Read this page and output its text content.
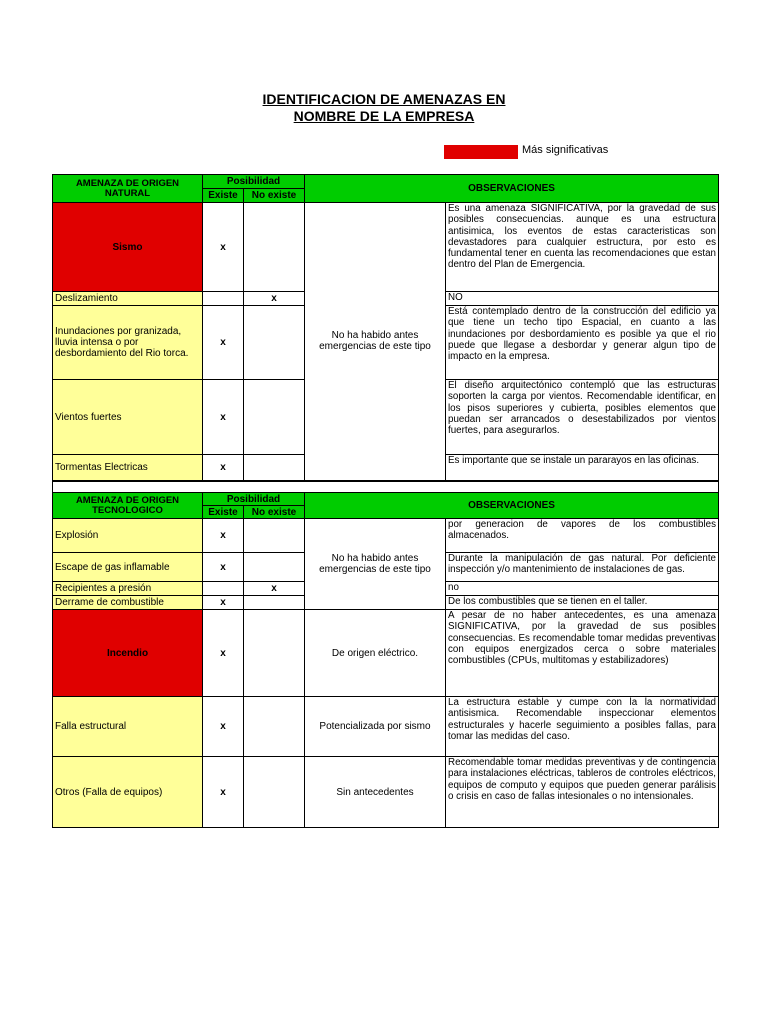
IDENTIFICACION DE AMENAZAS EN
NOMBRE DE LA EMPRESA
Más significativas
AMENAZA DE ORIGEN NATURAL	Posibilidad		OBSERVACIONES	
	Existe	No existe		
Sismo	x		No ha habido antes emergencias de este tipo	Es una amenaza SIGNIFICATIVA, por la gravedad de sus posibles consecuencias. aunque es una estructura antisimica, los eventos de estas caracteristicas son devastadores para cualquier estructura, por esto es fundamental tener en cuenta las recomendaciones que estan dentro del Plan de Emergencia.
Deslizamiento		x		NO
Inundaciones por granizada, lluvia intensa o por desbordamiento del Rio torca.	x			Está contemplado dentro de la construcción del edificio ya que tiene un techo tipo Espacial, en cuanto a las inundaciones por desbordamiento es posible ya que el rio puede que llegase a desbordar y generar algun tipo de impacto en la empresa.
Vientos fuertes	x			El diseño arquitectónico contempló que las estructuras soporten la carga por vientos. Recomendable identificar, en los pisos superiores y cubierta, posibles elementos que puedan ser arrancados o desestabilizados por vientos fuertes, para asegurarlos.
Tormentas Electricas	x			Es importante que se instale un pararayos en las oficinas.

AMENAZA DE ORIGEN TECNOLOGICO	Posibilidad		OBSERVACIONES	
	Existe	No existe		
Explosión	x		No ha habido antes emergencias de este tipo	por generacion de vapores de los combustibles almacenados.
Escape de gas inflamable	x			Durante la manipulación de gas natural. Por deficiente inspección y/o mantenimiento de instalaciones de gas.
Recipientes a presión		x		no
Derrame de combustible	x			De los combustibles que se tienen en el taller.
Incendio	x		De origen eléctrico.	A pesar de no haber antecedentes, es una amenaza SIGNIFICATIVA, por la gravedad de sus posibles consecuencias. Es recomendable tomar medidas preventivas con equipos energizados cerca o sobre materiales combustibles (CPUs, multitomas y estabilizadores)
Falla estructural	x		Potencializada por sismo	La estructura estable y cumpe con la la normatividad antisismica. Recomendable inspeccionar elementos estructurales y hacerle seguimiento a posibles fallas, para tomar las medidas del caso.
Otros (Falla de equipos)	x		Sin antecedentes	Recomendable tomar medidas preventivas y de contingencia para instalaciones eléctricas, tableros de controles eléctricos, equipos de computo y equipos que pueden generar parálisis o crisis en caso de fallas intesionales o no intensionales.
